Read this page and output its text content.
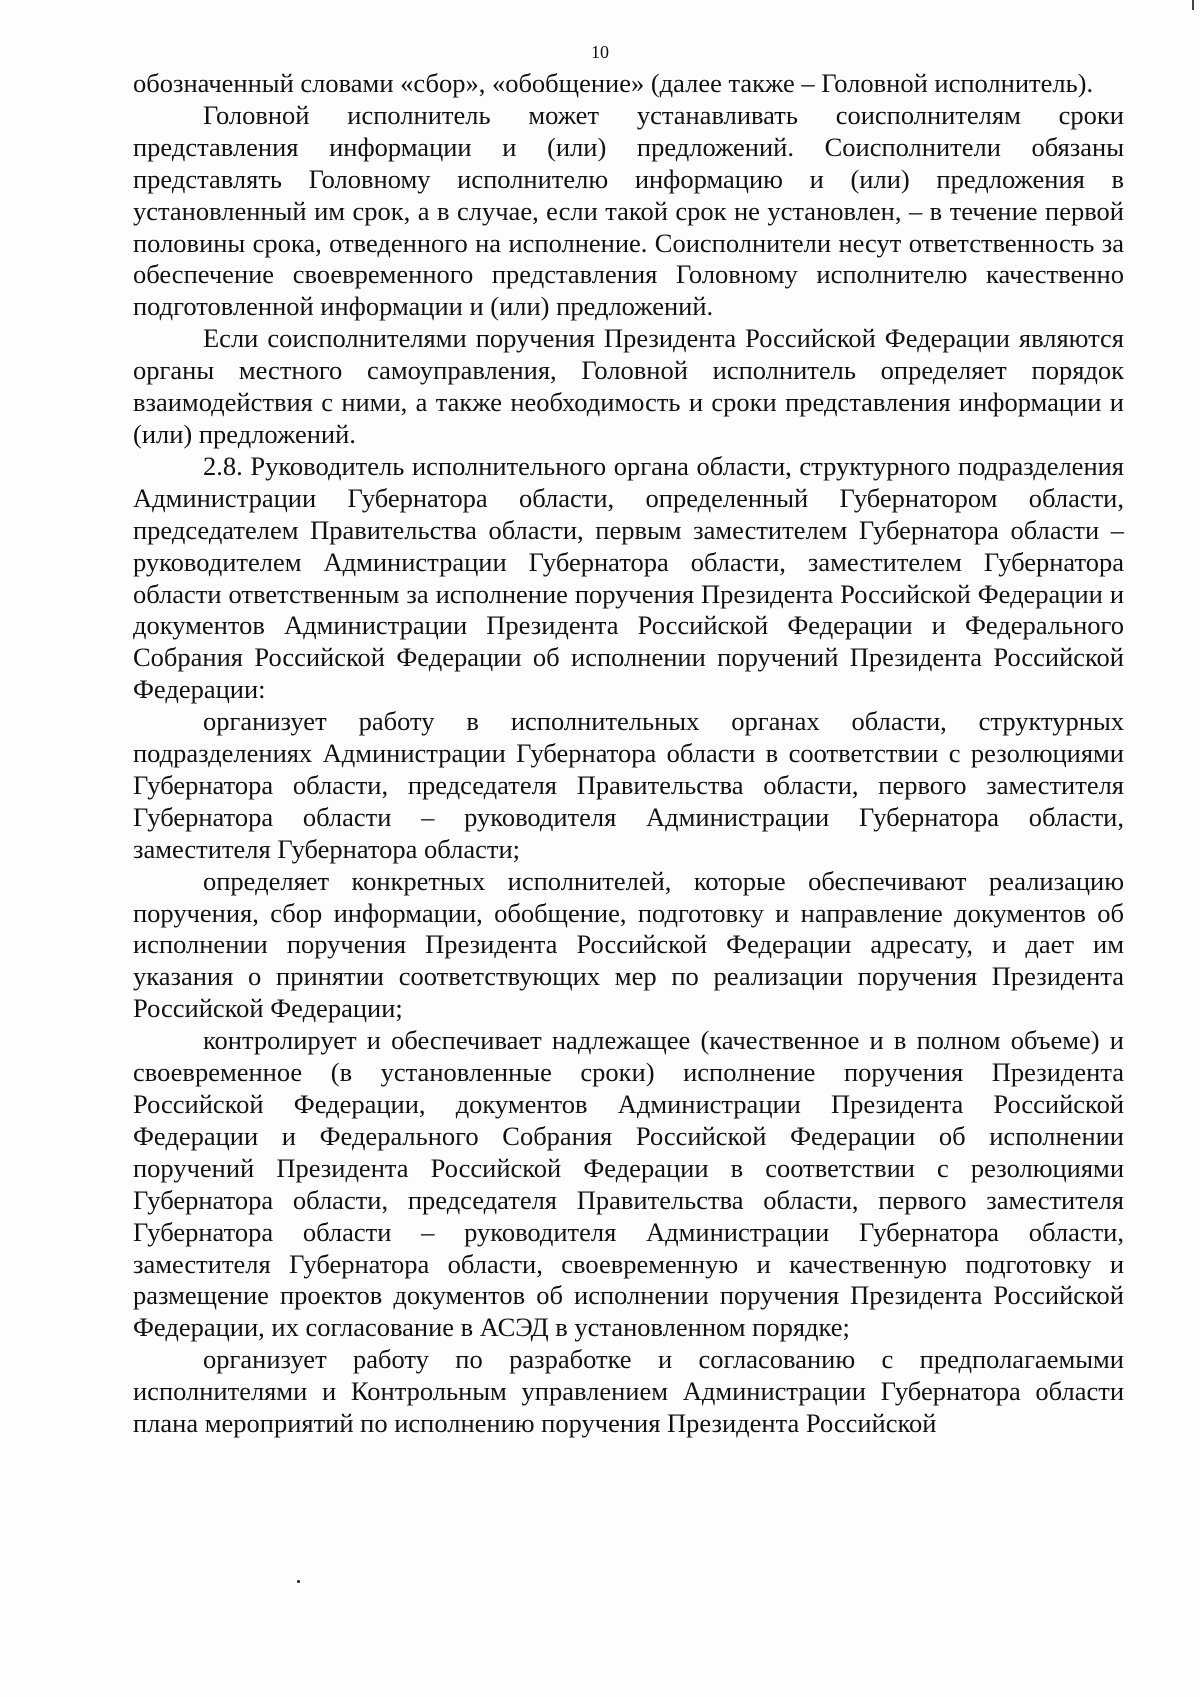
10

обозначенный словами «сбор», «обобщение» (далее также – Головной исполнитель).

Головной исполнитель может устанавливать соисполнителям сроки представления информации и (или) предложений. Соисполнители обязаны представлять Головному исполнителю информацию и (или) предложения в установленный им срок, а в случае, если такой срок не установлен, – в течение первой половины срока, отведенного на исполнение. Соисполнители несут ответственность за обеспечение своевременного представления Головному исполнителю качественно подготовленной информации и (или) предложений.

Если соисполнителями поручения Президента Российской Федерации являются органы местного самоуправления, Головной исполнитель определяет порядок взаимодействия с ними, а также необходимость и сроки представления информации и (или) предложений.

2.8. Руководитель исполнительного органа области, структурного подразделения Администрации Губернатора области, определенный Губернатором области, председателем Правительства области, первым заместителем Губернатора области – руководителем Администрации Губернатора области, заместителем Губернатора области ответственным за исполнение поручения Президента Российской Федерации и документов Администрации Президента Российской Федерации и Федерального Собрания Российской Федерации об исполнении поручений Президента Российской Федерации:

организует работу в исполнительных органах области, структурных подразделениях Администрации Губернатора области в соответствии с резолюциями Губернатора области, председателя Правительства области, первого заместителя Губернатора области – руководителя Администрации Губернатора области, заместителя Губернатора области;

определяет конкретных исполнителей, которые обеспечивают реализацию поручения, сбор информации, обобщение, подготовку и направление документов об исполнении поручения Президента Российской Федерации адресату, и дает им указания о принятии соответствующих мер по реализации поручения Президента Российской Федерации;

контролирует и обеспечивает надлежащее (качественное и в полном объеме) и своевременное (в установленные сроки) исполнение поручения Президента Российской Федерации, документов Администрации Президента Российской Федерации и Федерального Собрания Российской Федерации об исполнении поручений Президента Российской Федерации в соответствии с резолюциями Губернатора области, председателя Правительства области, первого заместителя Губернатора области – руководителя Администрации Губернатора области, заместителя Губернатора области, своевременную и качественную подготовку и размещение проектов документов об исполнении поручения Президента Российской Федерации, их согласование в АСЭД в установленном порядке;

организует работу по разработке и согласованию с предполагаемыми исполнителями и Контрольным управлением Администрации Губернатора области плана мероприятий по исполнению поручения Президента Российской
